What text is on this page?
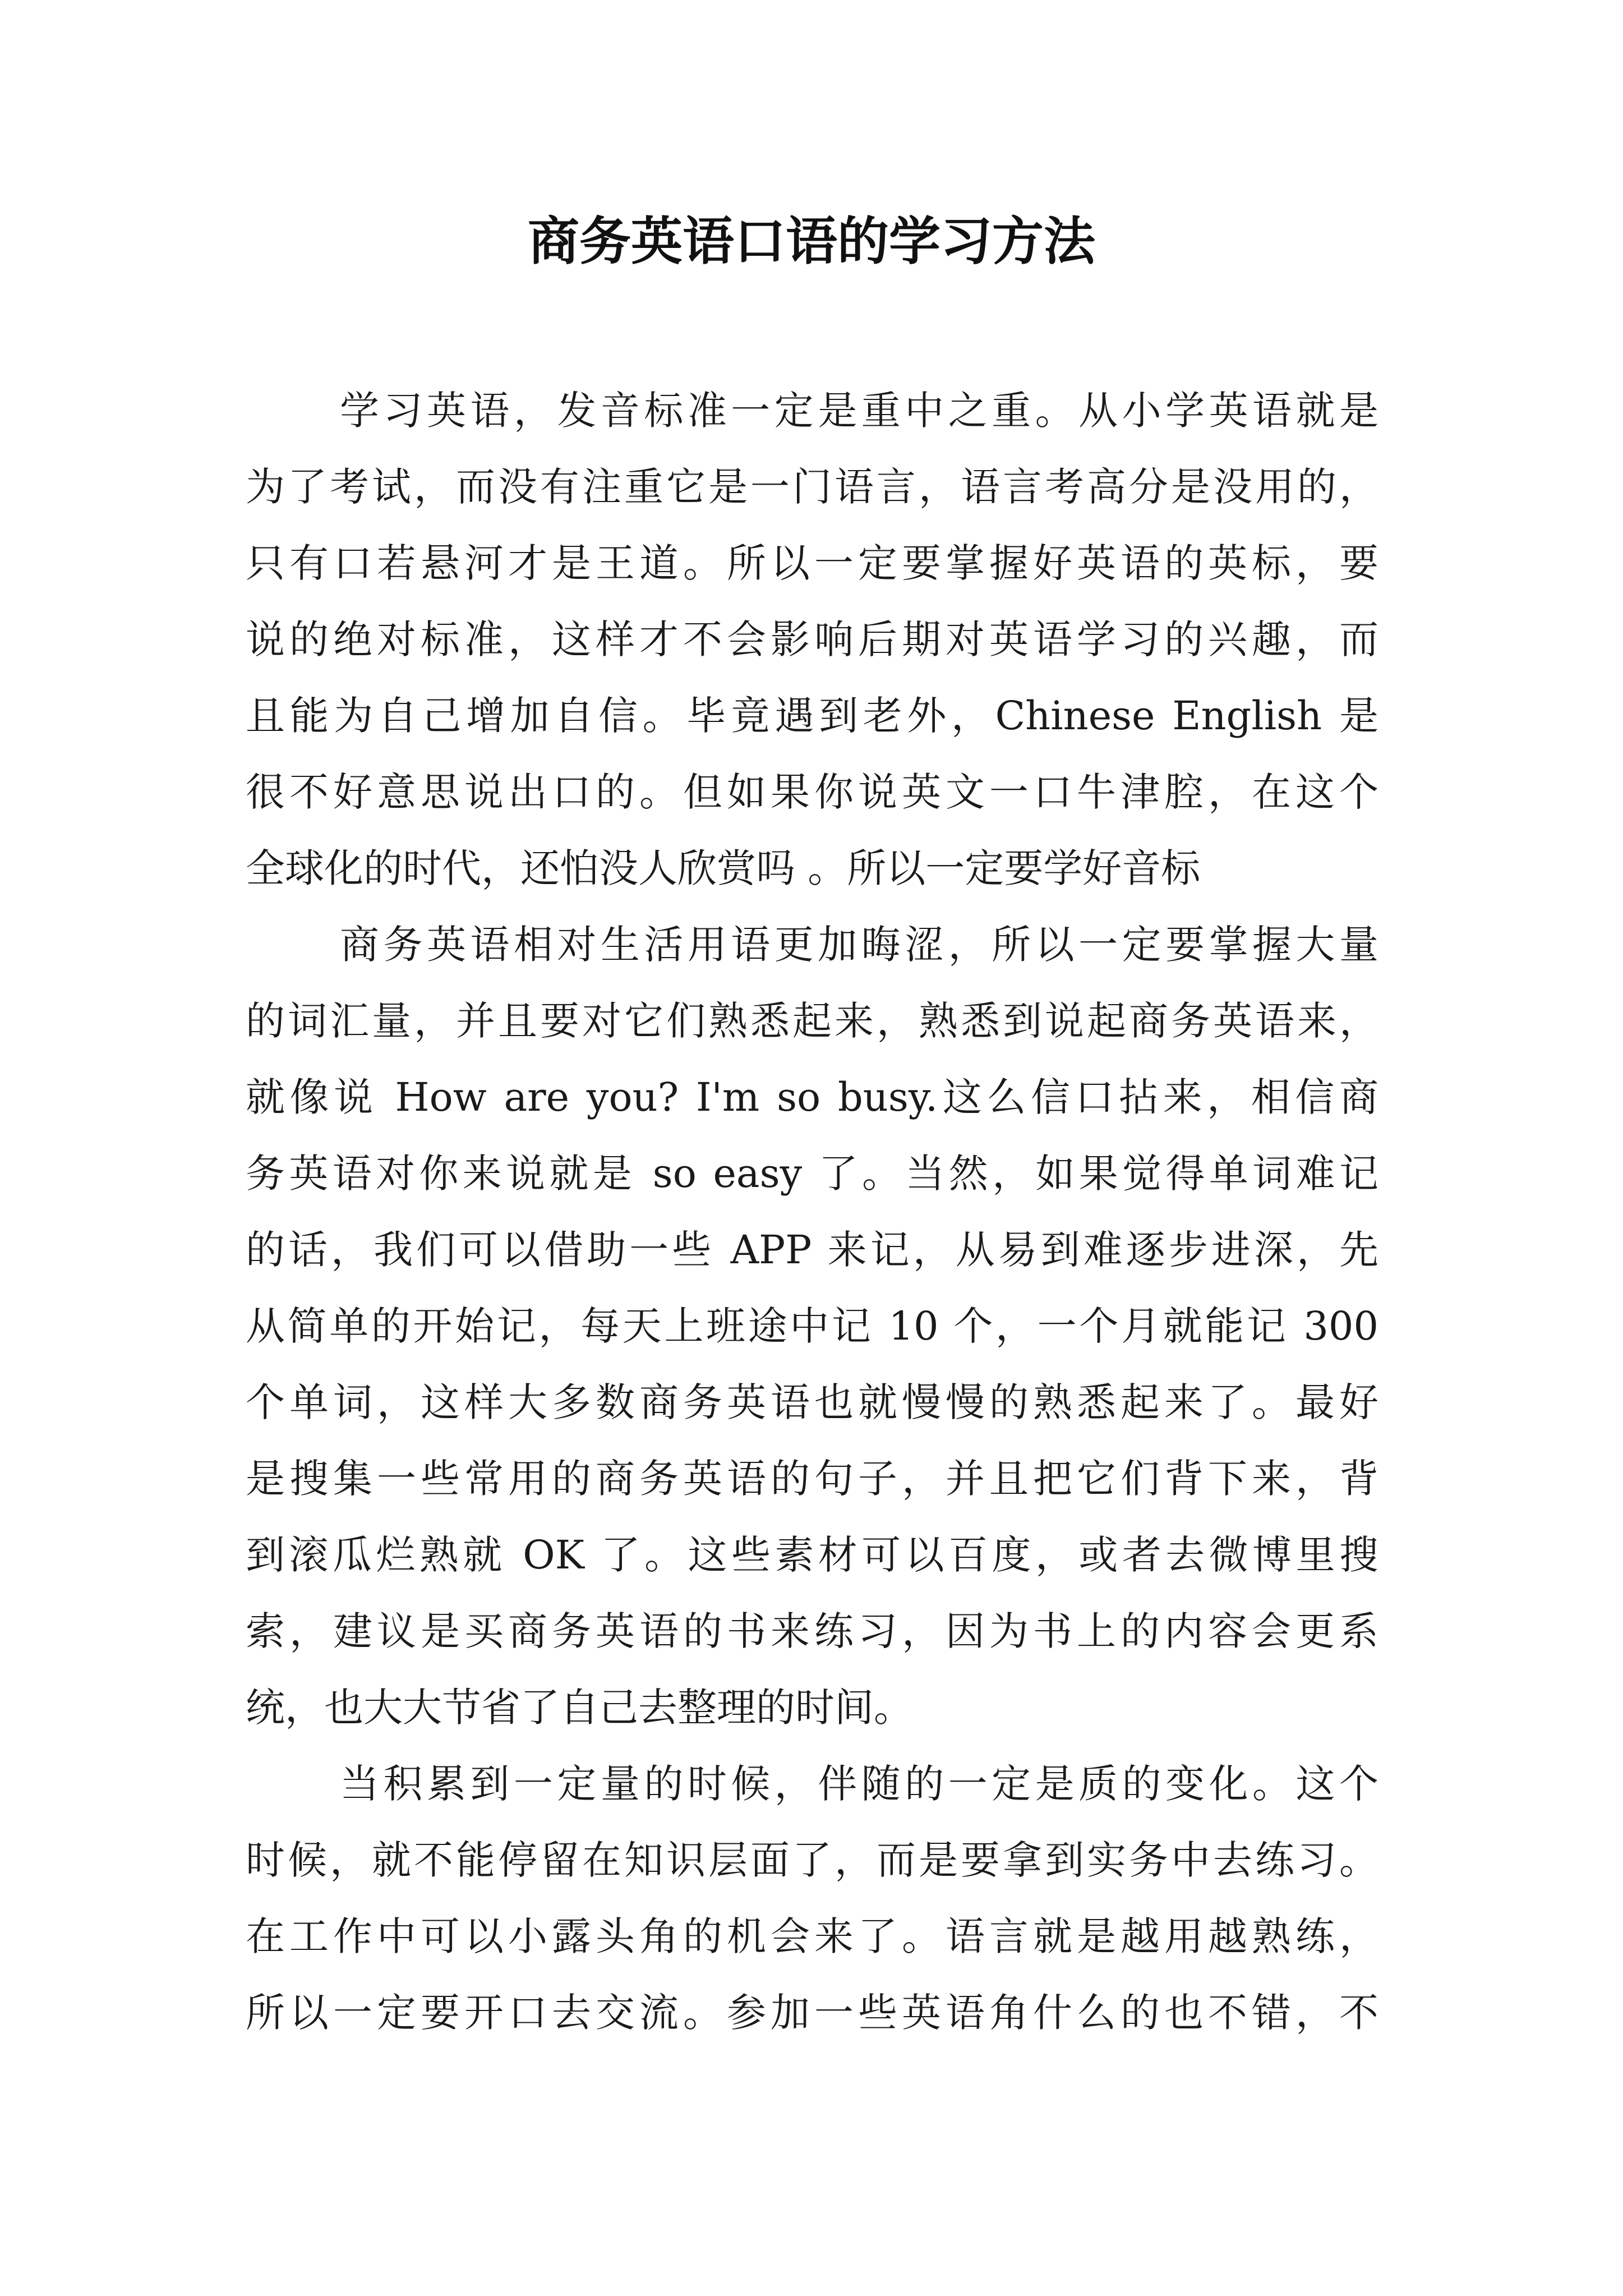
商务英语口语的学习方法
学习英语，发音标准一定是重中之重。从小学英语就是
为了考试，而没有注重它是一门语言，语言考高分是没用的，
只有口若悬河才是王道。所以一定要掌握好英语的英标，要
说的绝对标准，这样才不会影响后期对英语学习的兴趣，而
且能为自己增加自信。毕竟遇到老外，Chinese English 是
很不好意思说出口的。但如果你说英文一口牛津腔，在这个
全球化的时代，还怕没人欣赏吗 。所以一定要学好音标
商务英语相对生活用语更加晦涩，所以一定要掌握大量
的词汇量，并且要对它们熟悉起来，熟悉到说起商务英语来，
就像说 How are you? I'm so busy.这么信口拈来，相信商
务英语对你来说就是 so easy 了。当然，如果觉得单词难记
的话，我们可以借助一些 APP 来记，从易到难逐步进深，先
从简单的开始记，每天上班途中记 10 个，一个月就能记 300
个单词，这样大多数商务英语也就慢慢的熟悉起来了。最好
是搜集一些常用的商务英语的句子，并且把它们背下来，背
到滚瓜烂熟就 OK 了。这些素材可以百度，或者去微博里搜
索，建议是买商务英语的书来练习，因为书上的内容会更系
统，也大大节省了自己去整理的时间。
当积累到一定量的时候，伴随的一定是质的变化。这个
时候，就不能停留在知识层面了，而是要拿到实务中去练习。
在工作中可以小露头角的机会来了。语言就是越用越熟练，
所以一定要开口去交流。参加一些英语角什么的也不错，不
